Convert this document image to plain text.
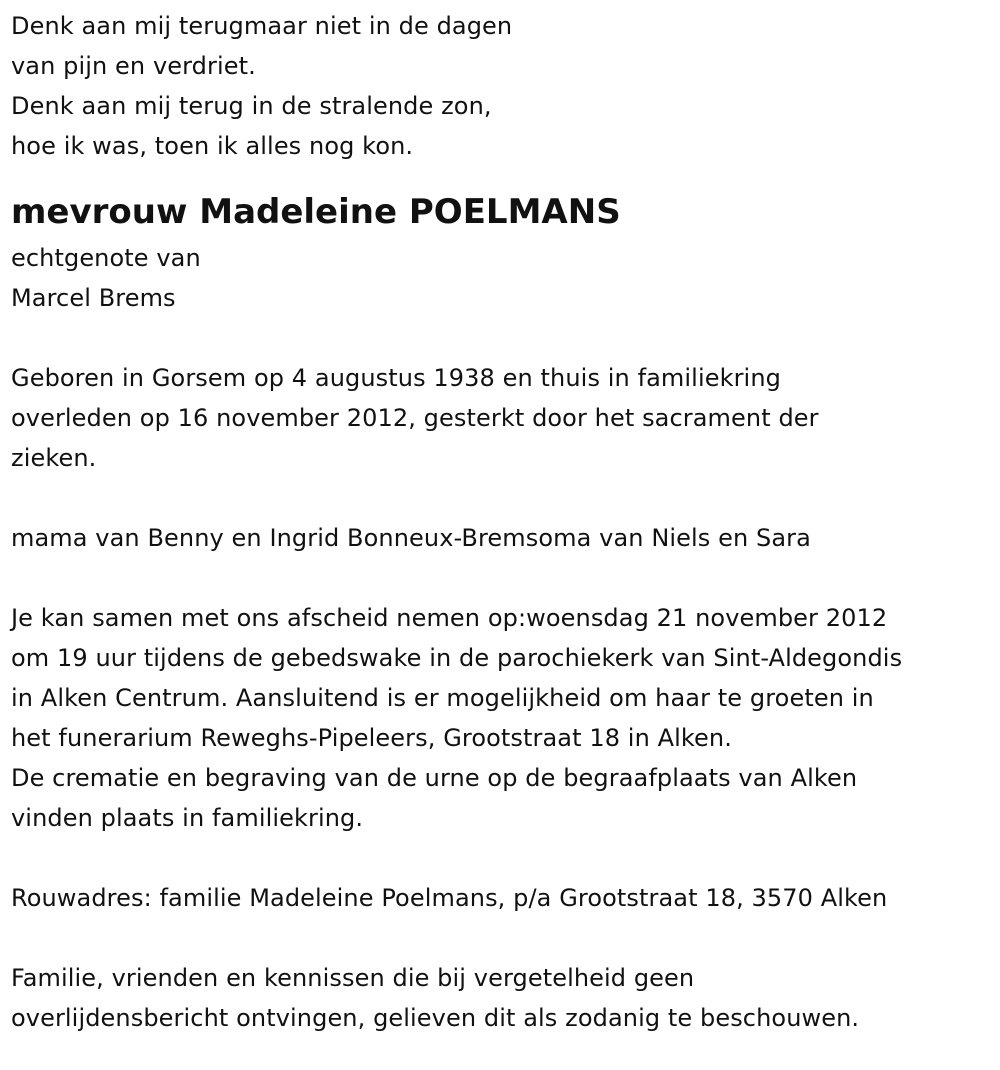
Denk aan mij terugmaar niet in de dagen
van pijn en verdriet.
Denk aan mij terug in de stralende zon,
hoe ik was, toen ik alles nog kon.
mevrouw Madeleine POELMANS
echtgenote van
Marcel Brems
Geboren in Gorsem op 4 augustus 1938 en thuis in familiekring
overleden op 16 november 2012, gesterkt door het sacrament der
zieken.
mama van Benny en Ingrid Bonneux-Bremsoma van Niels en Sara
Je kan samen met ons afscheid nemen op:woensdag 21 november 2012
om 19 uur tijdens de gebedswake in de parochiekerk van Sint-Aldegondis
in Alken Centrum. Aansluitend is er mogelijkheid om haar te groeten in
het funerarium Reweghs-Pipeleers, Grootstraat 18 in Alken.
De crematie en begraving van de urne op de begraafplaats van Alken
vinden plaats in familiekring.
Rouwadres: familie Madeleine Poelmans, p/a Grootstraat 18, 3570 Alken
Familie, vrienden en kennissen die bij vergetelheid geen
overlijdensbericht ontvingen, gelieven dit als zodanig te beschouwen.
